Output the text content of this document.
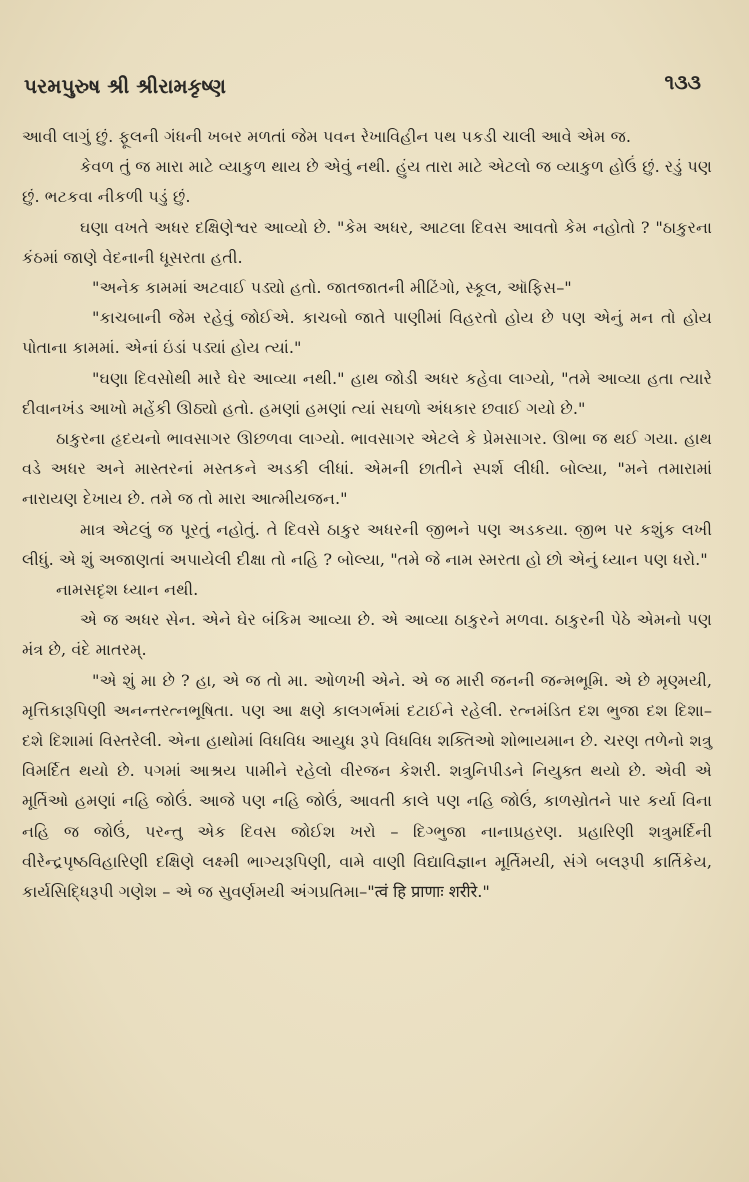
પરમપુરુષ શ્રી શ્રીરામકૃષ્ણ	૧૩૩

આવી લાગું છું. ફૂલની ગંધની ખબર મળતાં જેમ પવન રેખાવિહીન પથ પકડી ચાલી આવે એમ જ.

કેવળ તું જ મારા માટે વ્યાકુળ થાય છે એવું નથી. હુંય તારા માટે એટલો જ વ્યાકુળ હોઉં છું. રડું પણ છું. ભટકવા નીકળી પડું છું.

ઘણા વખતે અધર દક્ષિણેશ્વર આવ્યો છે. "કેમ અધર, આટલા દિવસ આવતો કેમ નહોતો ? "ઠાકુરના કંઠમાં જાણે વેદનાની ધૂસરતા હતી.

"અનેક કામમાં અટવાઈ પડ્યો હતો. જાતજાતની મીટિંગો, સ્કૂલ, ઑફિસ–"

"કાચબાની જેમ રહેવું જોઈએ. કાચબો જાતે પાણીમાં વિહરતો હોય છે પણ એનું મન તો હોય પોતાના કામમાં. એનાં ઇંડાં પડ્યાં હોય ત્યાં."

"ઘણા દિવસોથી મારે ઘેર આવ્યા નથી." હાથ જોડી અધર કહેવા લાગ્યો, "તમે આવ્યા હતા ત્યારે દીવાનખંડ આખો મહેંકી ઊઠ્યો હતો. હમણાં હમણાં ત્યાં સઘળો અંધકાર છવાઈ ગયો છે."

ઠાકુરના હૃદયનો ભાવસાગર ઊછળવા લાગ્યો. ભાવસાગર એટલે કે પ્રેમસાગર. ઊભા જ થઈ ગયા. હાથ વડે અધર અને માસ્તરનાં મસ્તકને અડકી લીધાં. એમની છાતીને સ્પર્શ લીધી. બોલ્યા, "મને તમારામાં નારાયણ દેખાય છે. તમે જ તો મારા આત્મીયજન."

માત્ર એટલું જ પૂરતું નહોતું. તે દિવસે ઠાકુર અધરની જીભને પણ અડકયા. જીભ પર કશુંક લખી લીધું. એ શું અજાણતાં અપાયેલી દીક્ષા તો નહિ ? બોલ્યા, "તમે જે નામ સ્મરતા હો છો એનું ધ્યાન પણ ધરો."

નામસદૃશ ધ્યાન નથી.

એ જ અધર સેન. એને ઘેર બંકિમ આવ્યા છે. એ આવ્યા ઠાકુરને મળવા. ઠાકુરની પેઠે એમનો પણ મંત્ર છે, વંદે માતરમ્.

"એ શું મા છે ? હા, એ જ તો મા. ઓળખી એને. એ જ મારી જનની જન્મભૂમિ. એ છે મૃણ્મયી, મૃત્તિકારૂપિણી અનન્તરત્નભૂષિતા. પણ આ ક્ષણે કાલગર્ભમાં દટાઈને રહેલી. રત્નમંડિત દશ ભુજા દશ દિશા–દશે દિશામાં વિસ્તરેલી. એના હાથોમાં વિધવિધ આયુધ રૂપે વિધવિધ શક્તિઓ શોભાયમાન છે. ચરણ તળેનો શત્રુ વિમર્દિત થયો છે. પગમાં આશ્રય પામીને રહેલો વીરજન કેશરી. શત્રુનિપીડને નિયુક્ત થયો છે. એવી એ મૂર્તિઓ હમણાં નહિ જોઉં. આજે પણ નહિ જોઉં, આવતી કાલે પણ નહિ જોઉં, કાળસ્રોતને પાર કર્યા વિના નહિ જ જોઉં, પરન્તુ એક દિવસ જોઈશ ખરો – દિગ્ભુજા નાનાપ્રહરણ. પ્રહારિણી શત્રુમર્દિની વીરેન્દ્રપૃષ્ઠવિહારિણી દક્ષિણે લક્ષ્મી ભાગ્યરૂપિણી, વામે વાણી વિદ્યાવિજ્ઞાન મૂર્તિમયી, સંગે બલરૂપી કાર્તિકેય, કાર્યસિદ્ધિરૂપી ગણેશ – એ જ સુવર્ણમયી અંગપ્રતિમા–"त्वं हि प्राणाः शरीरे."
